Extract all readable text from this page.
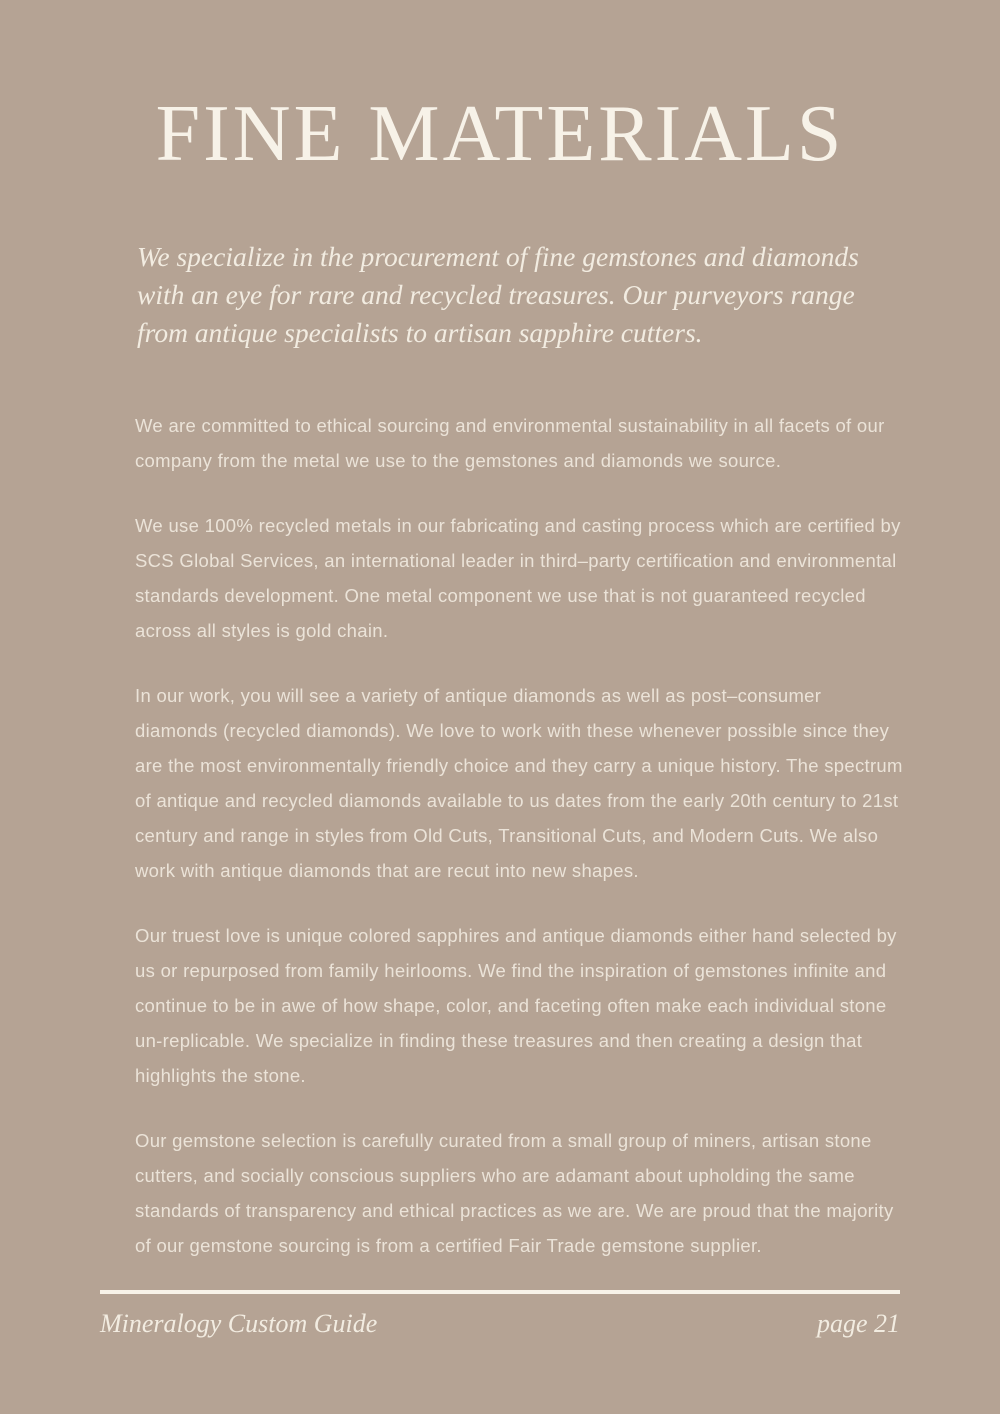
FINE MATERIALS

We specialize in the procurement of fine gemstones and diamonds with an eye for rare and recycled treasures. Our purveyors range from antique specialists to artisan sapphire cutters.

We are committed to ethical sourcing and environmental sustainability in all facets of our company from the metal we use to the gemstones and diamonds we source.

We use 100% recycled metals in our fabricating and casting process which are certified by SCS Global Services, an international leader in third–party certification and environmental standards development. One metal component we use that is not guaranteed recycled across all styles is gold chain.

In our work, you will see a variety of antique diamonds as well as post–consumer diamonds (recycled diamonds). We love to work with these whenever possible since they are the most environmentally friendly choice and they carry a unique history. The spectrum of antique and recycled diamonds available to us dates from the early 20th century to 21st century and range in styles from Old Cuts, Transitional Cuts, and Modern Cuts. We also work with antique diamonds that are recut into new shapes.

Our truest love is unique colored sapphires and antique diamonds either hand selected by us or repurposed from family heirlooms. We find the inspiration of gemstones infinite and continue to be in awe of how shape, color, and faceting often make each individual stone un-replicable. We specialize in finding these treasures and then creating a design that highlights the stone.

Our gemstone selection is carefully curated from a small group of miners, artisan stone cutters, and socially conscious suppliers who are adamant about upholding the same standards of transparency and ethical practices as we are. We are proud that the majority of our gemstone sourcing is from a certified Fair Trade gemstone supplier.

Mineralogy Custom Guide	page 21
